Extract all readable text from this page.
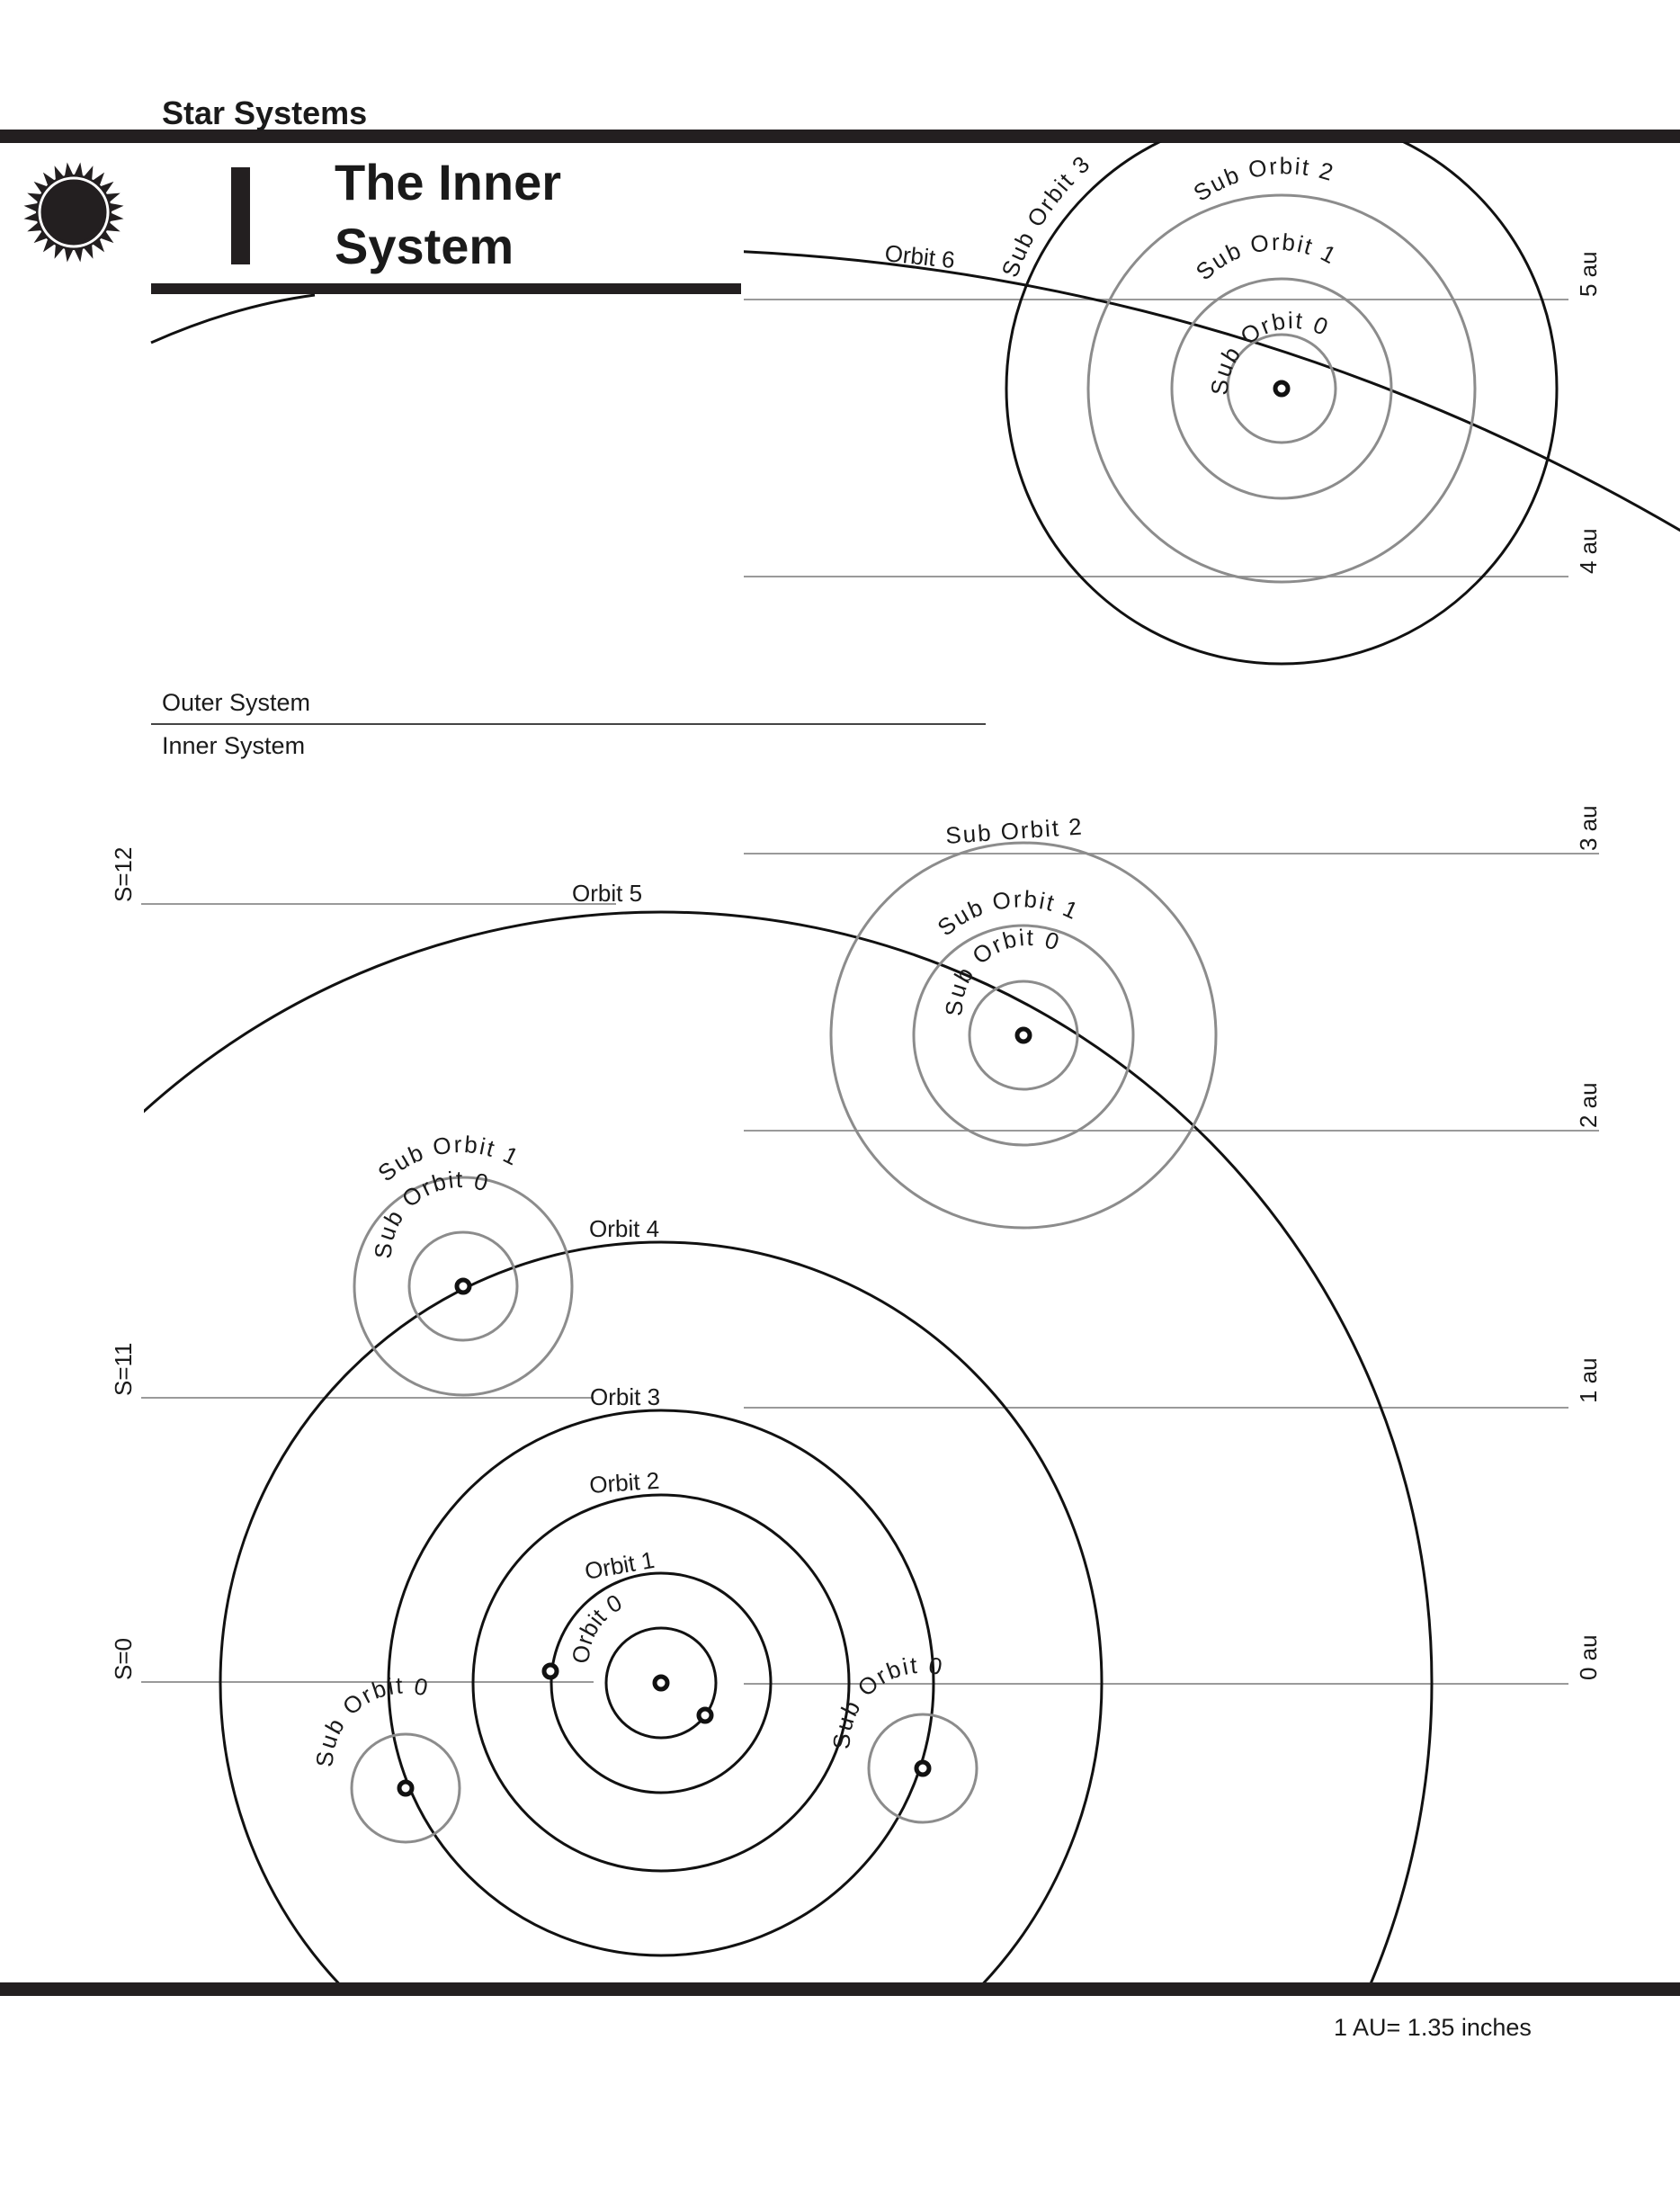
Star Systems
The Inner
System	Orbit 6 Sub Orbit 3
Sub Orbit 2
Sub Orbit 1
Sub Orbit 0
5 au
4 au
Outer System
Inner System
Orbit 5
Orbit 4
Orbit 3
Orbit 2
Orbit 1
Orbit 0
Sub Orbit 2
Sub Orbit 1
Sub Orbit 0
Sub Orbit 1
Sub Orbit 0
Sub Orbit 0
Sub Orbit 0
3 au
2 au
1 au
0 au
S=12
S=11
S=0
1 AU= 1.35 inches
